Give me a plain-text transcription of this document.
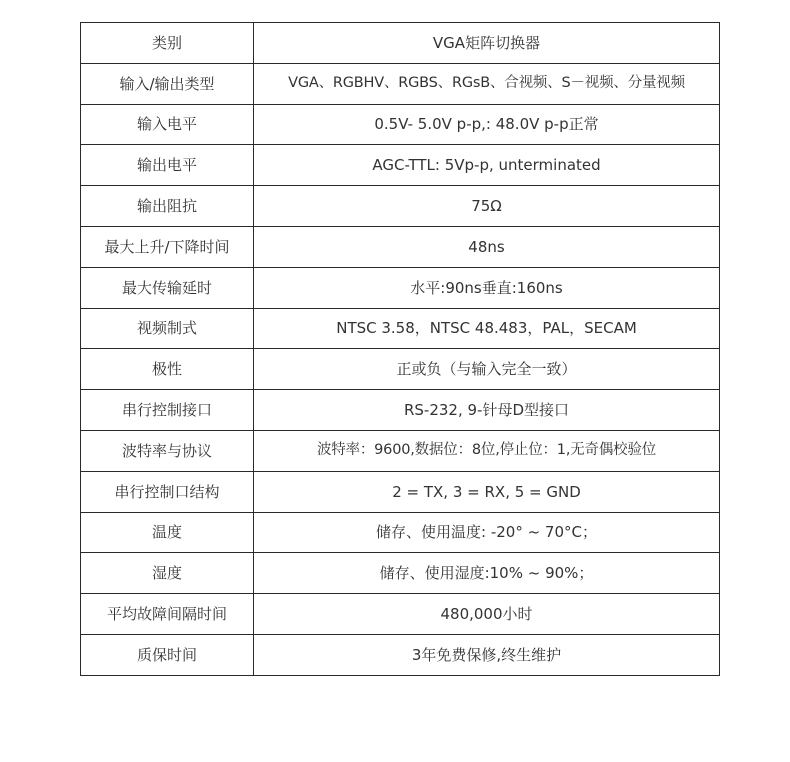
类别	VGA矩阵切换器
输入/输出类型	VGA、RGBHV、RGBS、RGsB、合视频、S－视频、分量视频
输入电平	0.5V- 5.0V p-p,: 48.0V p-p正常
输出电平	AGC-TTL: 5Vp-p, unterminated
输出阻抗	75Ω
最大上升/下降时间	48ns
最大传输延时	水平:90ns垂直:160ns
视频制式	NTSC 3.58，NTSC 48.483，PAL，SECAM
极性	正或负（与输入完全一致）
串行控制接口	RS-232, 9-针母D型接口
波特率与协议	波特率：9600,数据位：8位,停止位：1,无奇偶校验位
串行控制口结构	2 = TX, 3 = RX, 5 = GND
温度	储存、使用温度: -20° ~ 70°C；
湿度	储存、使用湿度:10% ~ 90%；
平均故障间隔时间	480,000小时
质保时间	3年免费保修,终生维护
